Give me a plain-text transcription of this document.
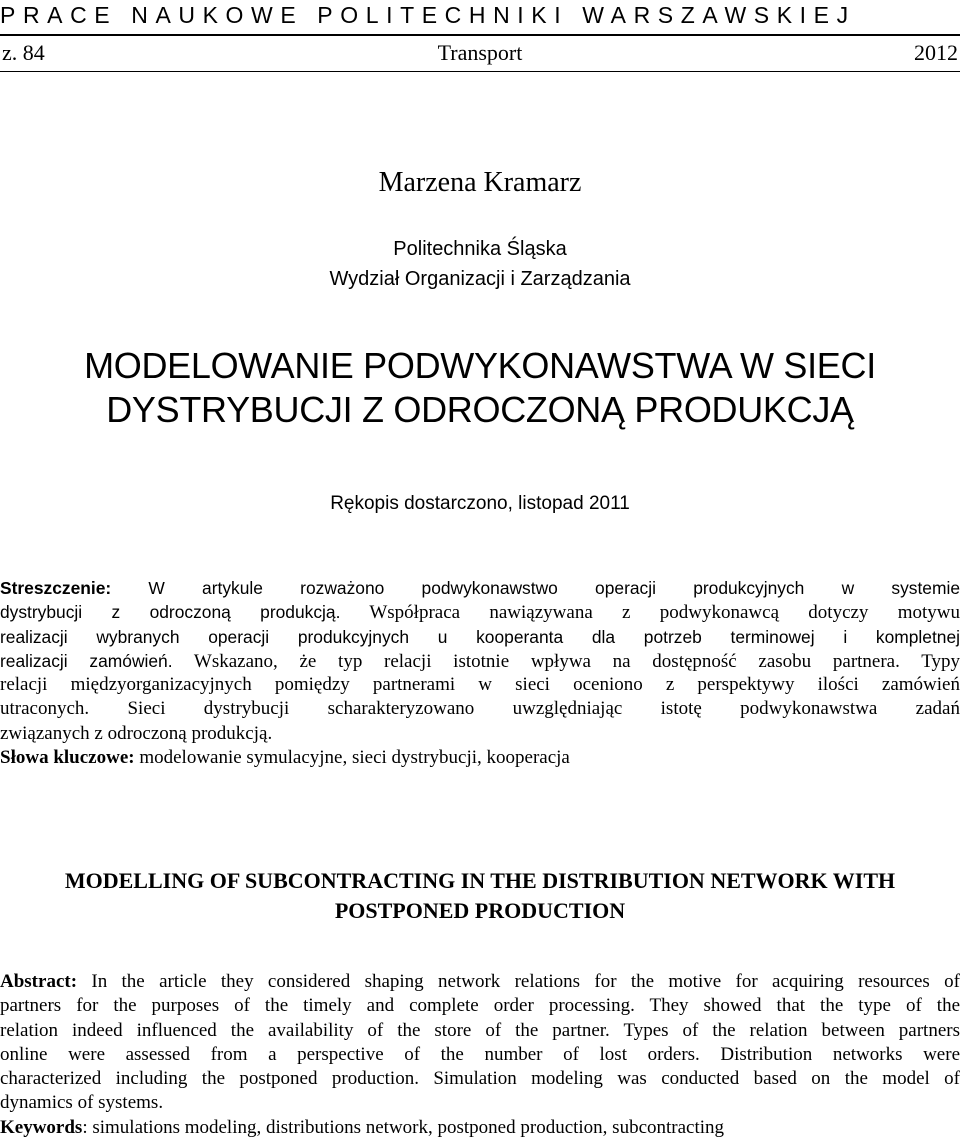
PRACE NAUKOWE POLITECHNIKI WARSZAWSKIEJ
z. 84	Transport	2012
Marzena Kramarz
Politechnika Śląska
Wydział Organizacji i Zarządzania
MODELOWANIE PODWYKONAWSTWA W SIECI
DYSTRYBUCJI Z ODROCZONĄ PRODUKCJĄ
Rękopis dostarczono, listopad 2011
Streszczenie: W artykule rozważono podwykonawstwo operacji produkcyjnych w systemie
dystrybucji z odroczoną produkcją. Współpraca nawiązywana z podwykonawcą dotyczy motywu
realizacji wybranych operacji produkcyjnych u kooperanta dla potrzeb terminowej i kompletnej
realizacji zamówień. Wskazano, że typ relacji istotnie wpływa na dostępność zasobu partnera. Typy
relacji międzyorganizacyjnych pomiędzy partnerami w sieci oceniono z perspektywy ilości zamówień
utraconych. Sieci dystrybucji scharakteryzowano uwzględniając istotę podwykonawstwa zadań
związanych z odroczoną produkcją.
Słowa kluczowe: modelowanie symulacyjne, sieci dystrybucji, kooperacja
MODELLING OF SUBCONTRACTING IN THE DISTRIBUTION NETWORK WITH
POSTPONED PRODUCTION
Abstract: In the article they considered shaping network relations for the motive for acquiring resources of
partners for the purposes of the timely and complete order processing. They showed that the type of the
relation indeed influenced the availability of the store of the partner. Types of the relation between partners
online were assessed from a perspective of the number of lost orders. Distribution networks were
characterized including the postponed production. Simulation modeling was conducted based on the model of
dynamics of systems.
Keywords: simulations modeling, distributions network, postponed production, subcontracting
